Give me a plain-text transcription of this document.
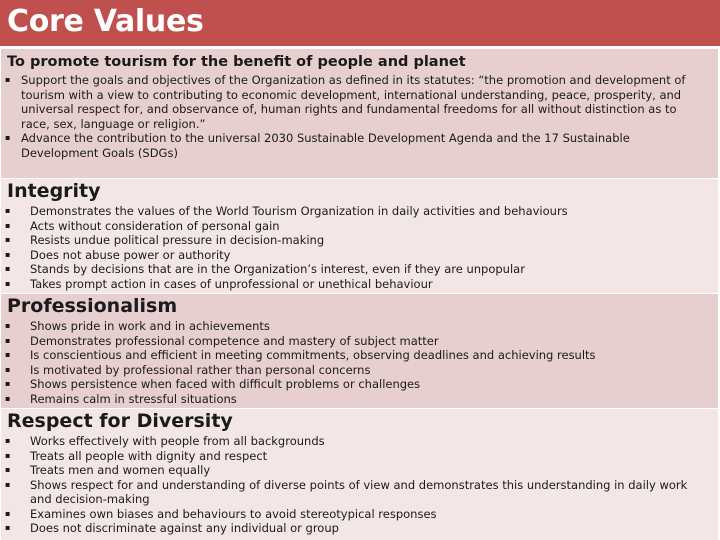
Core Values
To promote tourism for the benefit of people and planet
▪ Support the goals and objectives of the Organization as defined in its statutes: “the promotion and development of tourism with a view to contributing to economic development, international understanding, peace, prosperity, and universal respect for, and observance of, human rights and fundamental freedoms for all without distinction as to race, sex, language or religion.”
▪ Advance the contribution to the universal 2030 Sustainable Development Agenda and the 17 Sustainable Development Goals (SDGs)
Integrity
▪ Demonstrates the values of the World Tourism Organization in daily activities and behaviours
▪ Acts without consideration of personal gain
▪ Resists undue political pressure in decision-making
▪ Does not abuse power or authority
▪ Stands by decisions that are in the Organization’s interest, even if they are unpopular
▪ Takes prompt action in cases of unprofessional or unethical behaviour
Professionalism
▪ Shows pride in work and in achievements
▪ Demonstrates professional competence and mastery of subject matter
▪ Is conscientious and efficient in meeting commitments, observing deadlines and achieving results
▪ Is motivated by professional rather than personal concerns
▪ Shows persistence when faced with difficult problems or challenges
▪ Remains calm in stressful situations
Respect for Diversity
▪ Works effectively with people from all backgrounds
▪ Treats all people with dignity and respect
▪ Treats men and women equally
▪ Shows respect for and understanding of diverse points of view and demonstrates this understanding in daily work and decision-making
▪ Examines own biases and behaviours to avoid stereotypical responses
▪ Does not discriminate against any individual or group
